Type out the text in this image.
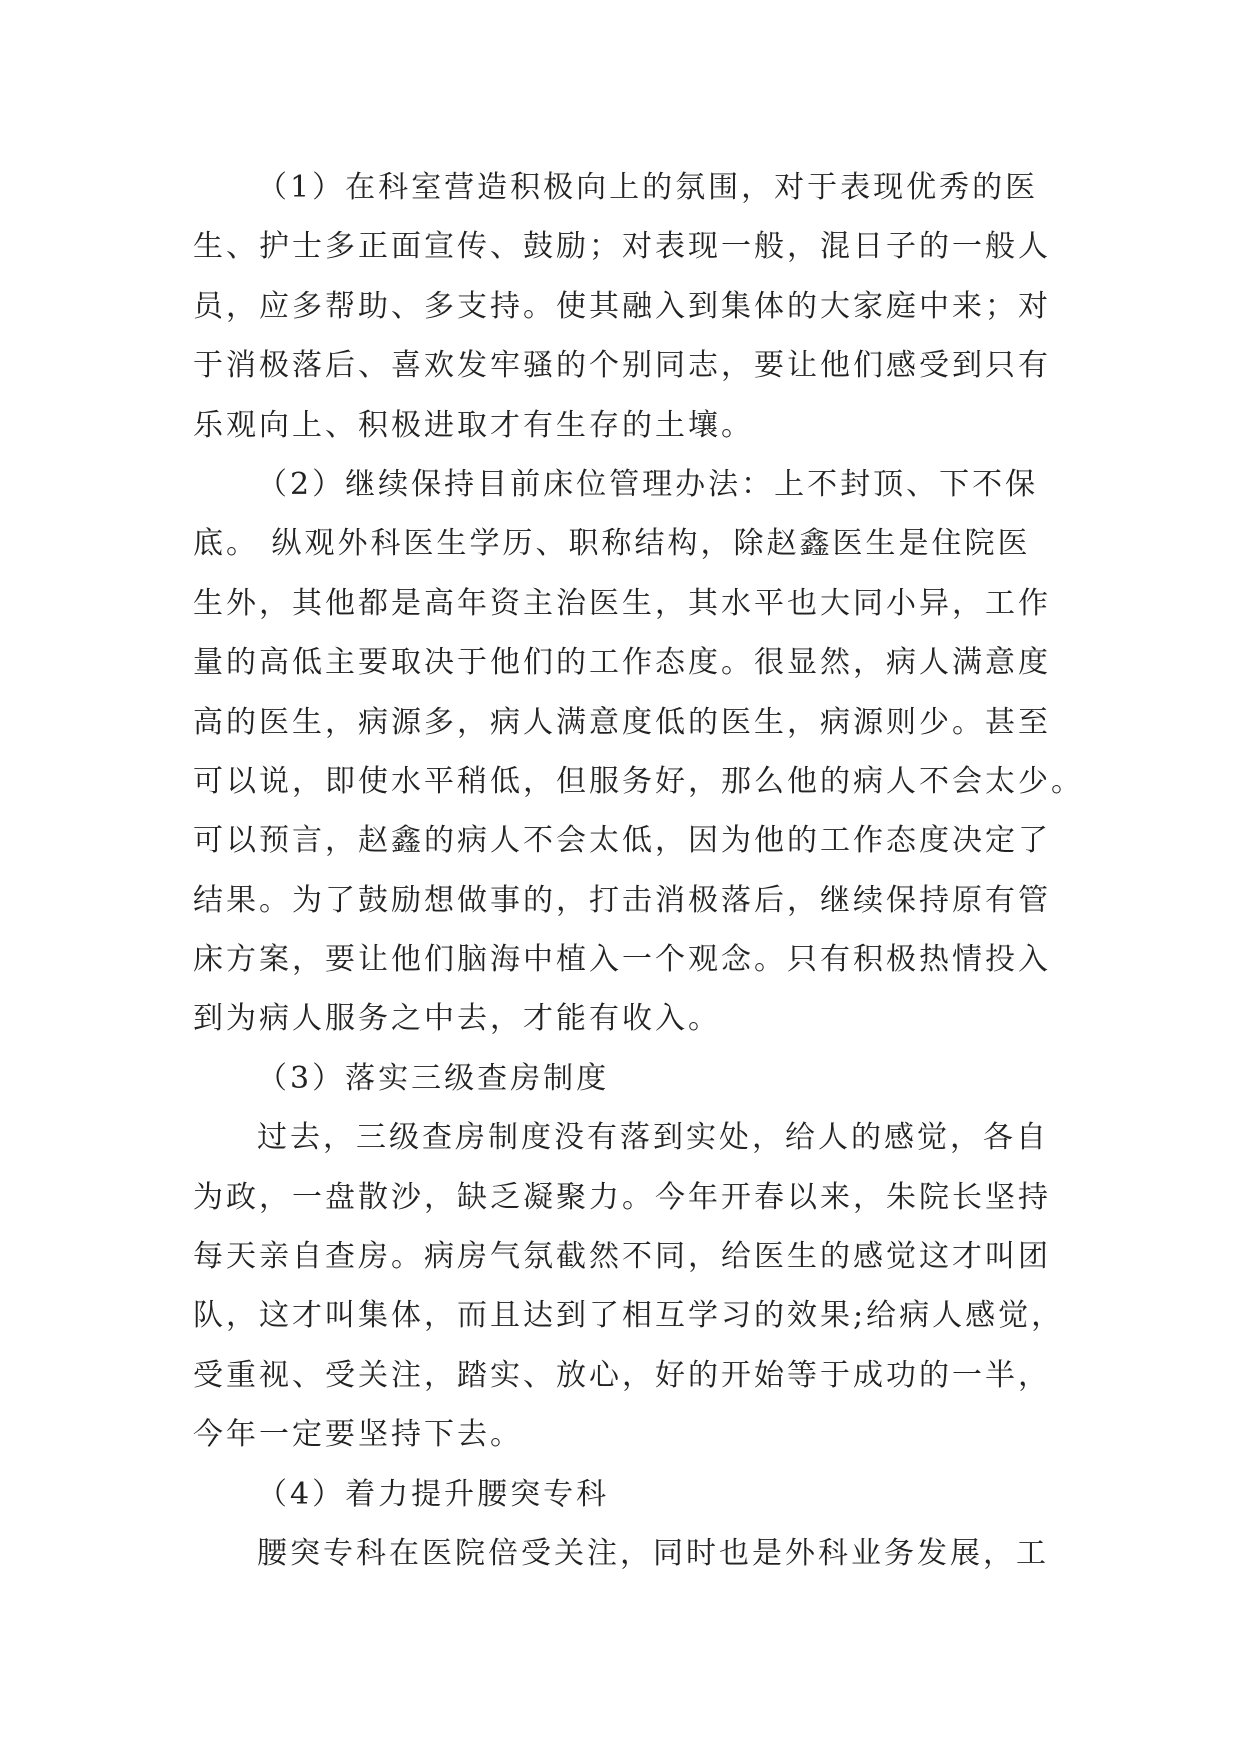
（1）在科室营造积极向上的氛围，对于表现优秀的医
生、护士多正面宣传、鼓励；对表现一般，混日子的一般人
员，应多帮助、多支持。使其融入到集体的大家庭中来；对
于消极落后、喜欢发牢骚的个别同志，要让他们感受到只有
乐观向上、积极进取才有生存的土壤。
（2）继续保持目前床位管理办法：上不封顶、下不保
底。 纵观外科医生学历、职称结构，除赵鑫医生是住院医
生外，其他都是高年资主治医生，其水平也大同小异，工作
量的高低主要取决于他们的工作态度。很显然，病人满意度
高的医生，病源多，病人满意度低的医生，病源则少。甚至
可以说，即使水平稍低，但服务好，那么他的病人不会太少。
可以预言，赵鑫的病人不会太低，因为他的工作态度决定了
结果。为了鼓励想做事的，打击消极落后，继续保持原有管
床方案，要让他们脑海中植入一个观念。只有积极热情投入
到为病人服务之中去，才能有收入。
（3）落实三级查房制度
过去，三级查房制度没有落到实处，给人的感觉，各自
为政，一盘散沙，缺乏凝聚力。今年开春以来，朱院长坚持
每天亲自查房。病房气氛截然不同，给医生的感觉这才叫团
队，这才叫集体，而且达到了相互学习的效果;给病人感觉，
受重视、受关注，踏实、放心，好的开始等于成功的一半，
今年一定要坚持下去。
（4）着力提升腰突专科
腰突专科在医院倍受关注，同时也是外科业务发展，工
